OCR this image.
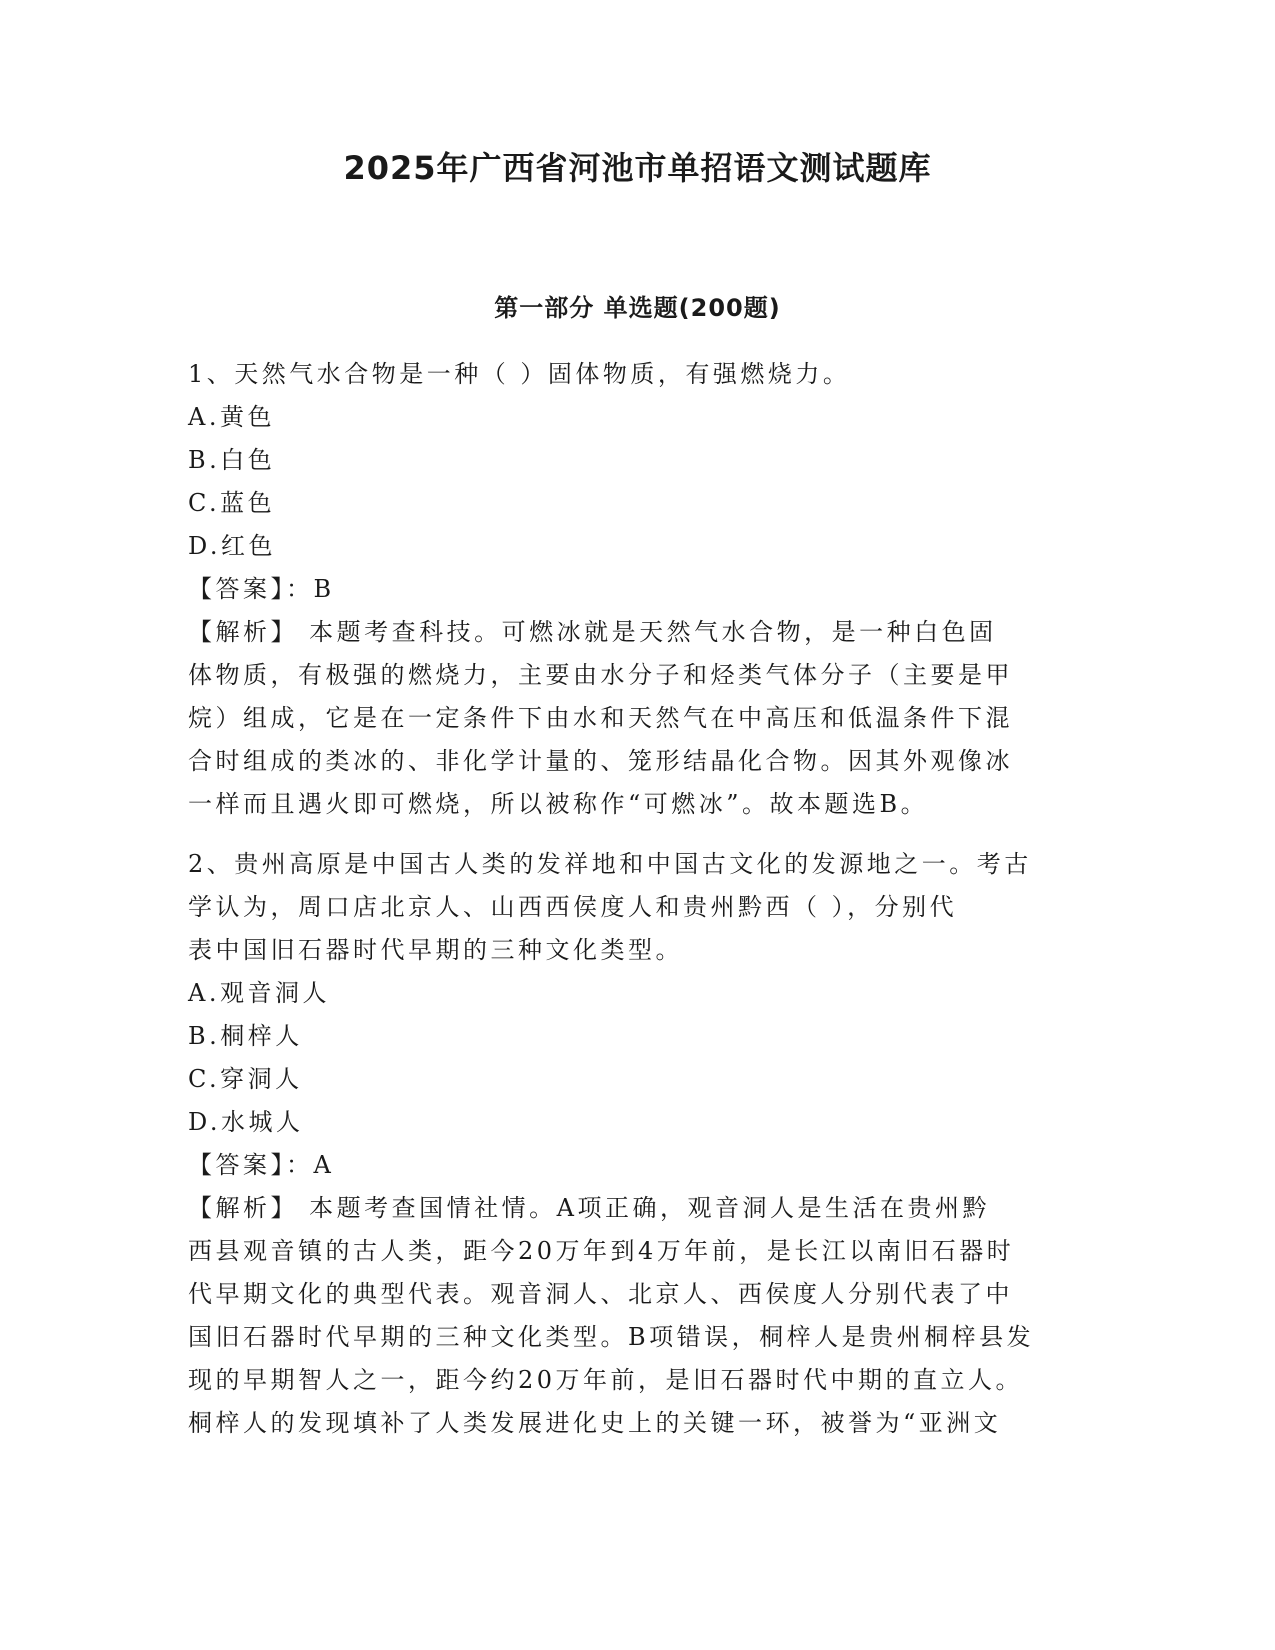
2025年广西省河池市单招语文测试题库
第一部分 单选题(200题)
1、天然气水合物是一种（ ）固体物质，有强燃烧力。
A.黄色
B.白色
C.蓝色
D.红色
【答案】：B
【解析】 本题考查科技。可燃冰就是天然气水合物，是一种白色固
体物质，有极强的燃烧力，主要由水分子和烃类气体分子（主要是甲
烷）组成，它是在一定条件下由水和天然气在中高压和低温条件下混
合时组成的类冰的、非化学计量的、笼形结晶化合物。因其外观像冰
一样而且遇火即可燃烧，所以被称作“可燃冰”。故本题选B。
2、贵州高原是中国古人类的发祥地和中国古文化的发源地之一。考古
学认为，周口店北京人、山西西侯度人和贵州黔西（ ），分别代
表中国旧石器时代早期的三种文化类型。
A.观音洞人
B.桐梓人
C.穿洞人
D.水城人
【答案】：A
【解析】 本题考查国情社情。A项正确，观音洞人是生活在贵州黔
西县观音镇的古人类，距今20万年到4万年前，是长江以南旧石器时
代早期文化的典型代表。观音洞人、北京人、西侯度人分别代表了中
国旧石器时代早期的三种文化类型。B项错误，桐梓人是贵州桐梓县发
现的早期智人之一，距今约20万年前，是旧石器时代中期的直立人。
桐梓人的发现填补了人类发展进化史上的关键一环，被誉为“亚洲文
